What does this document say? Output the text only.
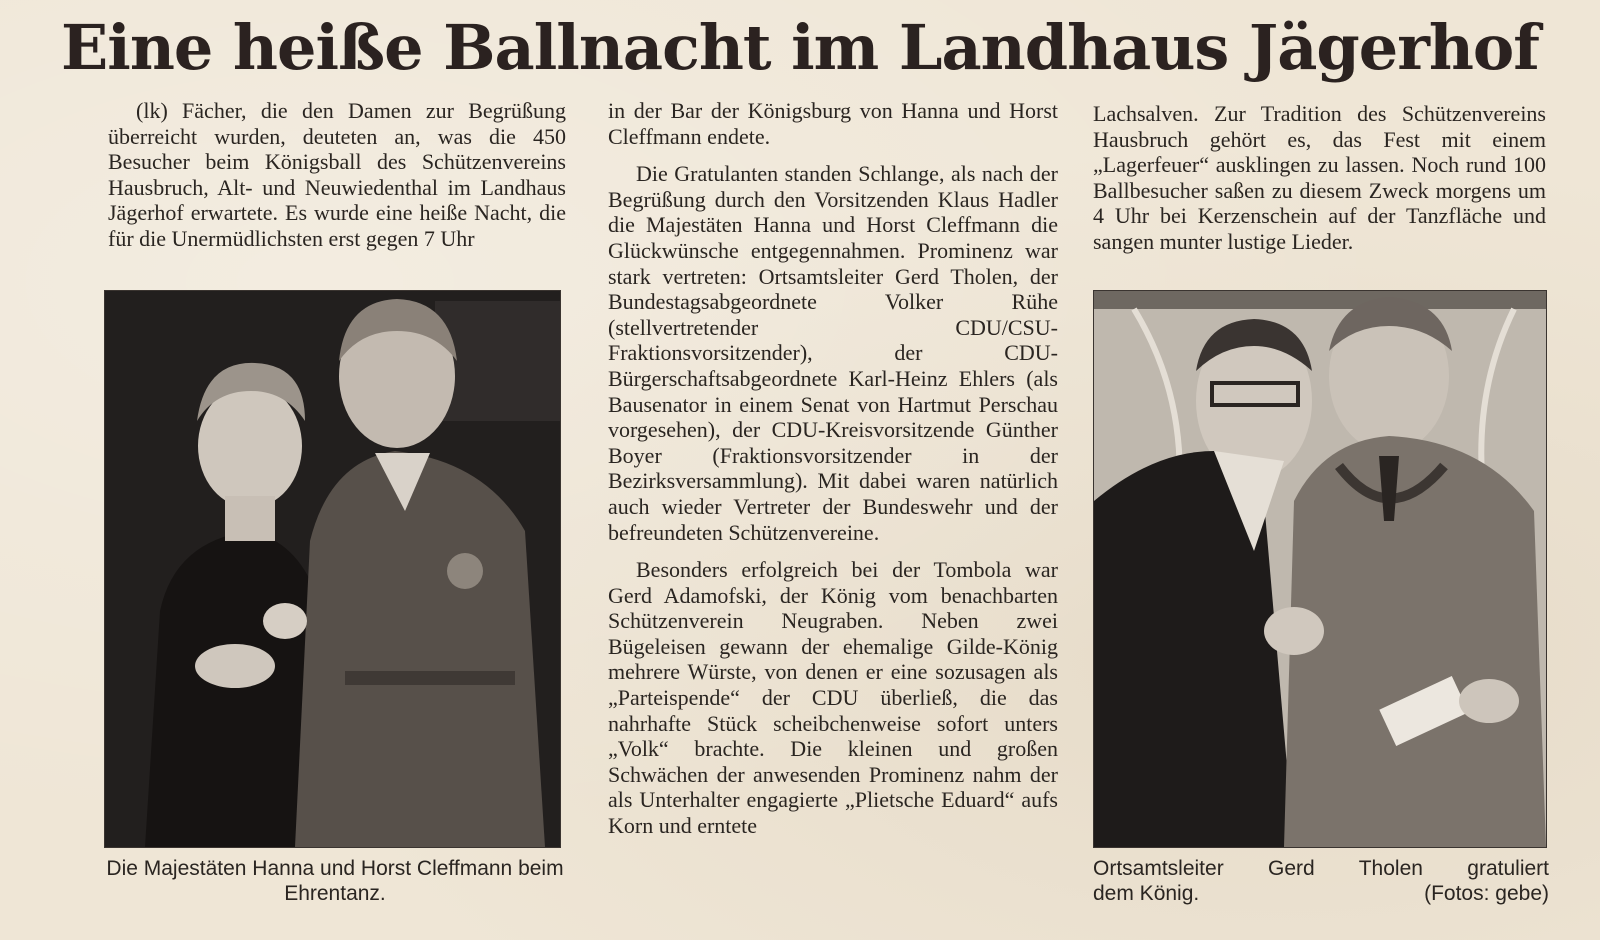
Eine heiße Ballnacht im Landhaus Jägerhof

(lk) Fächer, die den Damen zur Begrüßung überreicht wurden, deuteten an, was die 450 Besucher beim Königsball des Schützenvereins Hausbruch, Alt- und Neuwiedenthal im Landhaus Jägerhof erwartete. Es wurde eine heiße Nacht, die für die Unermüdlichsten erst gegen 7 Uhr

in der Bar der Königsburg von Hanna und Horst Cleffmann endete.

Die Gratulanten standen Schlange, als nach der Begrüßung durch den Vorsitzenden Klaus Hadler die Majestäten Hanna und Horst Cleffmann die Glückwünsche entgegennahmen. Prominenz war stark vertreten: Ortsamtsleiter Gerd Tholen, der Bundestagsabgeordnete Volker Rühe (stellvertretender CDU/CSU-Fraktionsvorsitzender), der CDU-Bürgerschaftsabgeordnete Karl-Heinz Ehlers (als Bausenator in einem Senat von Hartmut Perschau vorgesehen), der CDU-Kreisvorsitzende Günther Boyer (Fraktionsvorsitzender in der Bezirksversammlung). Mit dabei waren natürlich auch wieder Vertreter der Bundeswehr und der befreundeten Schützenvereine.

Besonders erfolgreich bei der Tombola war Gerd Adamofski, der König vom benachbarten Schützenverein Neugraben. Neben zwei Bügeleisen gewann der ehemalige Gilde-König mehrere Würste, von denen er eine sozusagen als „Parteispende“ der CDU überließ, die das nahrhafte Stück scheibchenweise sofort unters „Volk“ brachte. Die kleinen und großen Schwächen der anwesenden Prominenz nahm der als Unterhalter engagierte „Plietsche Eduard“ aufs Korn und erntete

Lachsalven. Zur Tradition des Schützenvereins Hausbruch gehört es, das Fest mit einem „Lagerfeuer“ ausklingen zu lassen. Noch rund 100 Ballbesucher saßen zu diesem Zweck morgens um 4 Uhr bei Kerzenschein auf der Tanzfläche und sangen munter lustige Lieder.

Die Majestäten Hanna und Horst Cleffmann beim Ehrentanz.
Ortsamtsleiter Gerd Tholen gratuliert
dem König.	(Fotos: gebe)
